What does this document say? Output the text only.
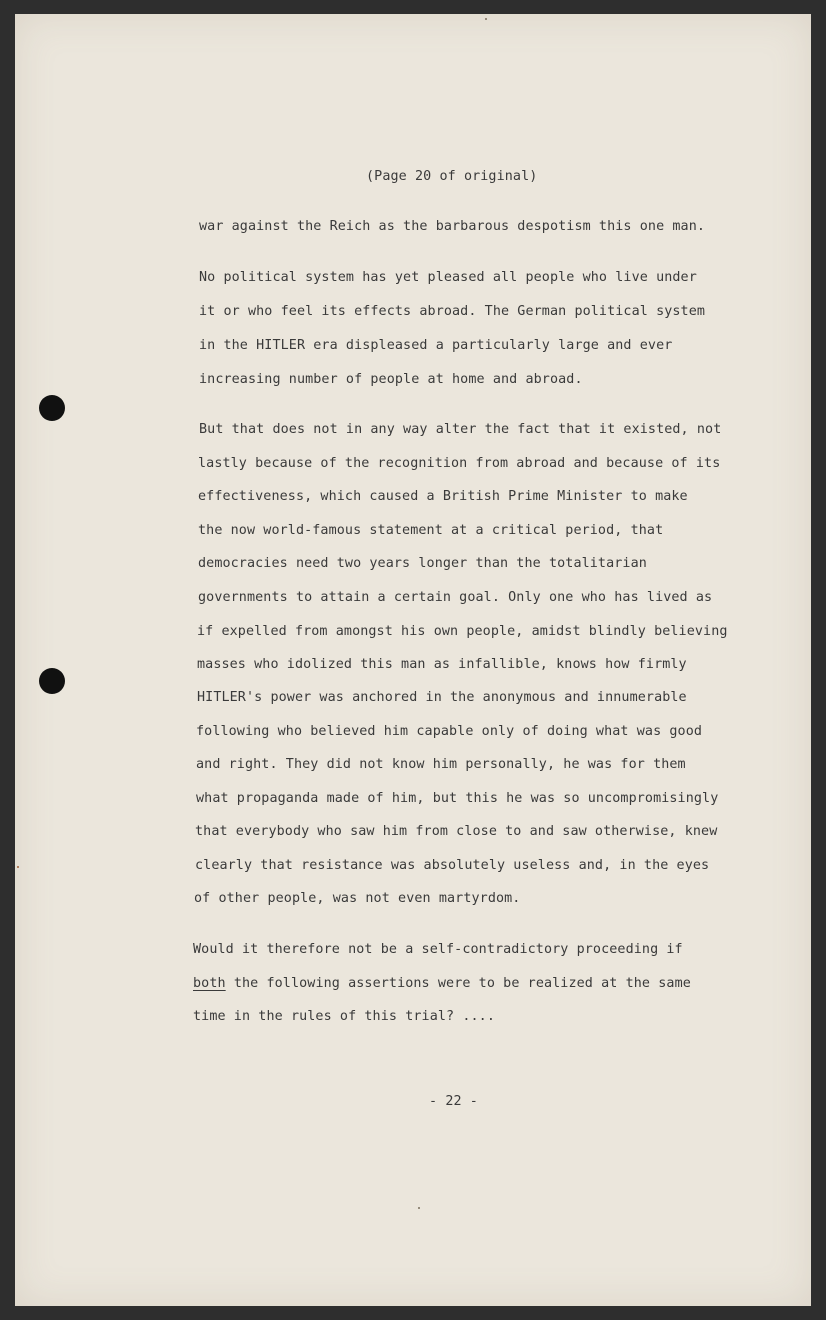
(Page 20 of original)
war against the Reich as the barbarous despotism this one man.
No political system has yet pleased all people who live under
it or who feel its effects abroad. The German political system
in the HITLER era displeased a particularly large and ever
increasing number of people at home and abroad.
But that does not in any way alter the fact that it existed, not
lastly because of the recognition from abroad and because of its
effectiveness, which caused a British Prime Minister to make
the now world-famous statement at a critical period, that
democracies need two years longer than the totalitarian
governments to attain a certain goal. Only one who has lived as
if expelled from amongst his own people, amidst blindly believing
masses who idolized this man as infallible, knows how firmly
HITLER's power was anchored in the anonymous and innumerable
following who believed him capable only of doing what was good
and right. They did not know him personally, he was for them
what propaganda made of him, but this he was so uncompromisingly
that everybody who saw him from close to and saw otherwise, knew
clearly that resistance was absolutely useless and, in the eyes
of other people, was not even martyrdom.
Would it therefore not be a self-contradictory proceeding if
both the following assertions were to be realized at the same
time in the rules of this trial? ....
- 22 -
